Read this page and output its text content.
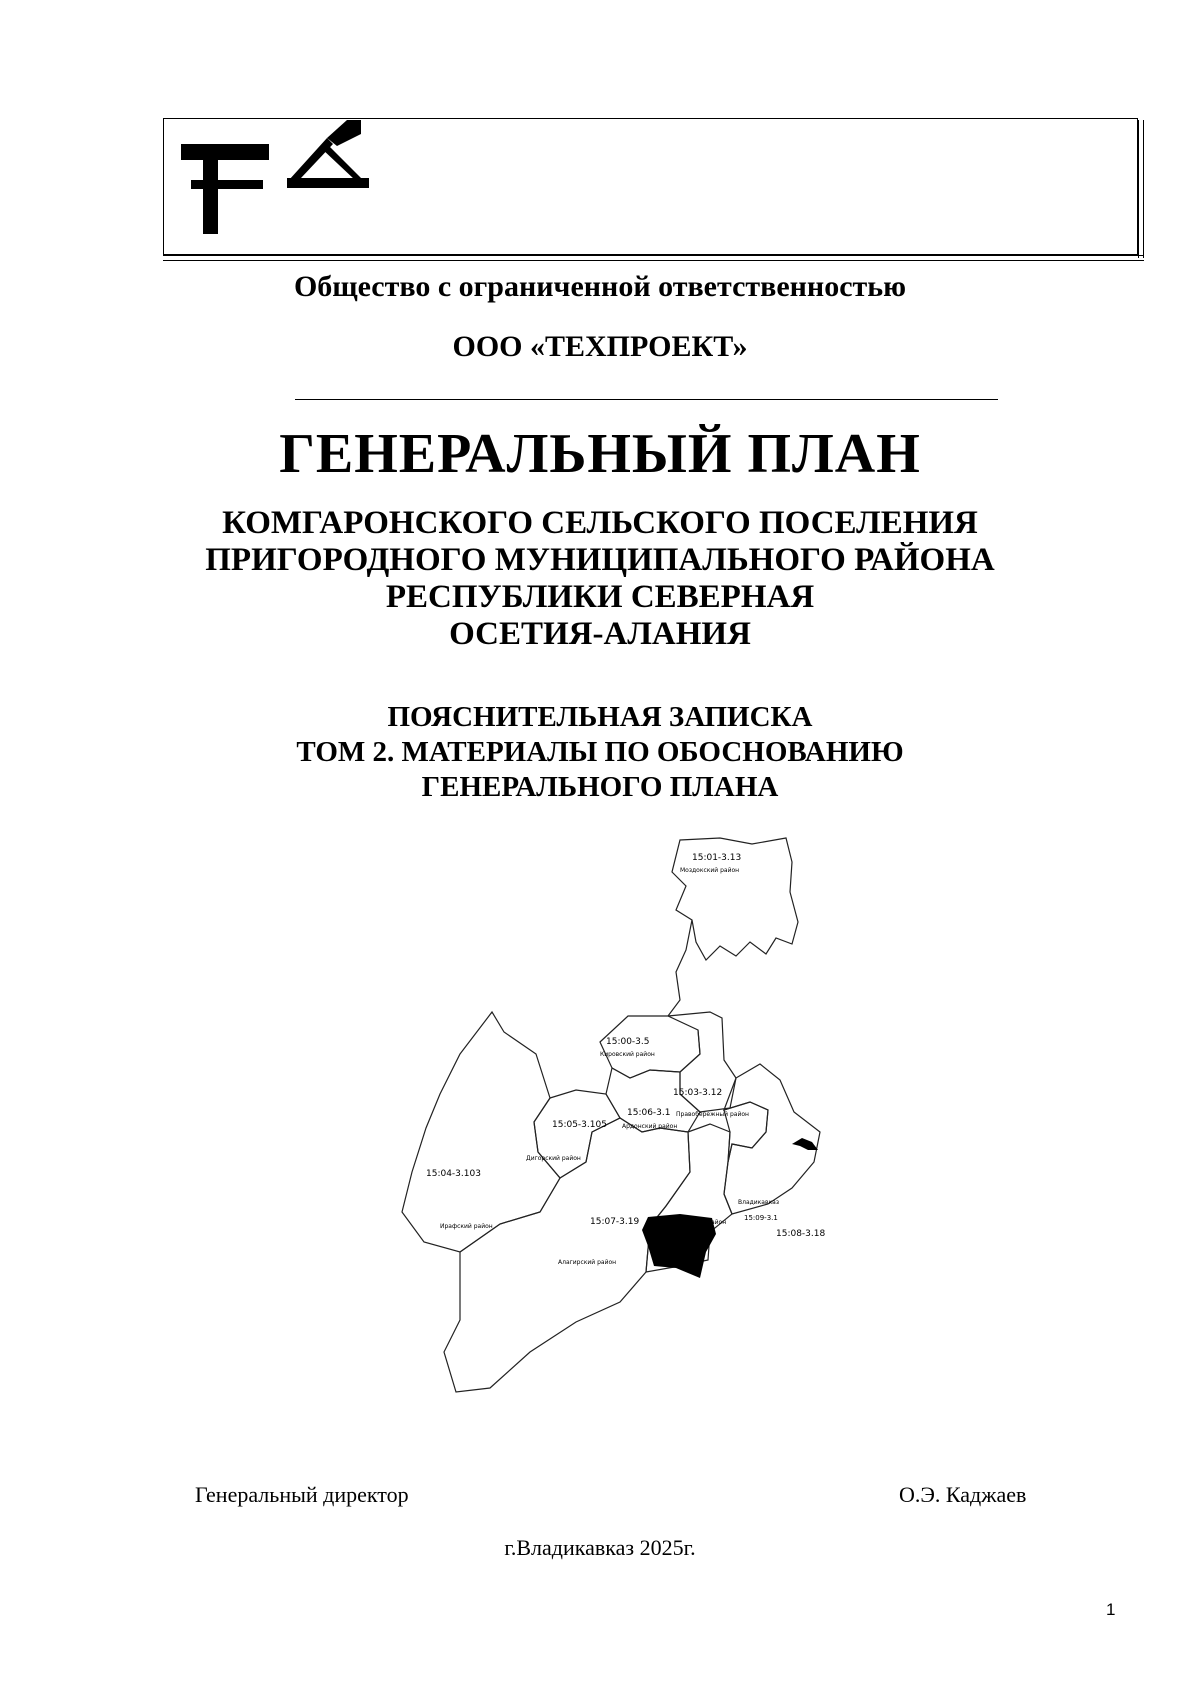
Общество с ограниченной ответственностью
ООО «ТЕХПРОЕКТ»
ГЕНЕРАЛЬНЫЙ ПЛАН
КОМГАРОНСКОГО СЕЛЬСКОГО ПОСЕЛЕНИЯ
ПРИГОРОДНОГО МУНИЦИПАЛЬНОГО РАЙОНА
РЕСПУБЛИКИ СЕВЕРНАЯ
ОСЕТИЯ-АЛАНИЯ
ПОЯСНИТЕЛЬНАЯ ЗАПИСКА
ТОМ 2. МАТЕРИАЛЫ ПО ОБОСНОВАНИЮ
ГЕНЕРАЛЬНОГО ПЛАНА
15:01-3.13
Моздокский район
15:00-3.5
Кировский район
15:03-3.12
Правобережный район
15:06-3.1
Ардонский район
15:05-3.105
Дигорский район
15:04-3.103
Ирафский район	15:07-3.19
Алагирский район
Пригородный район
Владикавказ
15:09-3.1
15:08-3.18
Генеральный директор	О.Э. Каджаев
г.Владикавказ 2025г.
1
